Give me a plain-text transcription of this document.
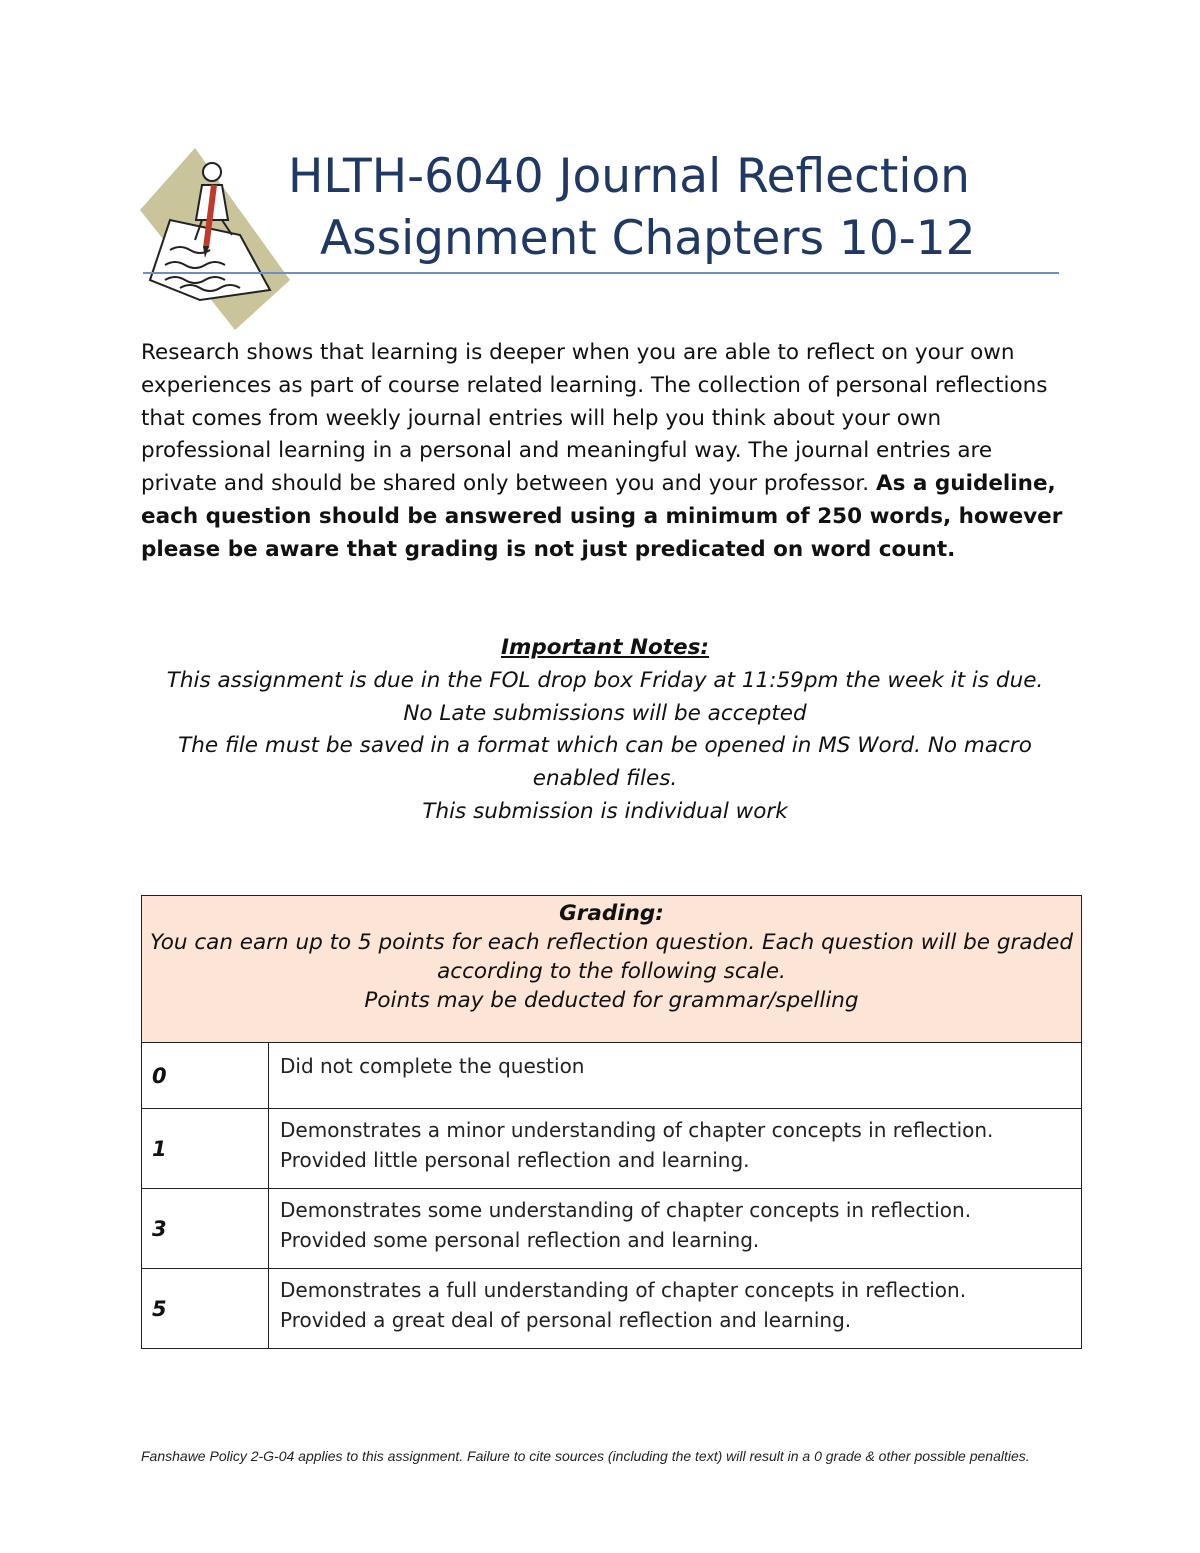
HLTH-6040 Journal Reflection
Assignment Chapters 10-12
Research shows that learning is deeper when you are able to reflect on your own experiences as part of course related learning. The collection of personal reflections that comes from weekly journal entries will help you think about your own professional learning in a personal and meaningful way. The journal entries are private and should be shared only between you and your professor. As a guideline, each question should be answered using a minimum of 250 words, however please be aware that grading is not just predicated on word count.
Important Notes:
This assignment is due in the FOL drop box Friday at 11:59pm the week it is due.
No Late submissions will be accepted
The file must be saved in a format which can be opened in MS Word. No macro enabled files.
This submission is individual work
Grading:
You can earn up to 5 points for each reflection question. Each question will be graded according to the following scale.
Points may be deducted for grammar/spelling	

0	Did not complete the question

1	Demonstrates a minor understanding of chapter concepts in reflection.
Provided little personal reflection and learning.

3	Demonstrates some understanding of chapter concepts in reflection.
Provided some personal reflection and learning.

5	Demonstrates a full understanding of chapter concepts in reflection.
Provided a great deal of personal reflection and learning.
Fanshawe Policy 2-G-04 applies to this assignment. Failure to cite sources (including the text) will result in a 0 grade & other possible penalties.
